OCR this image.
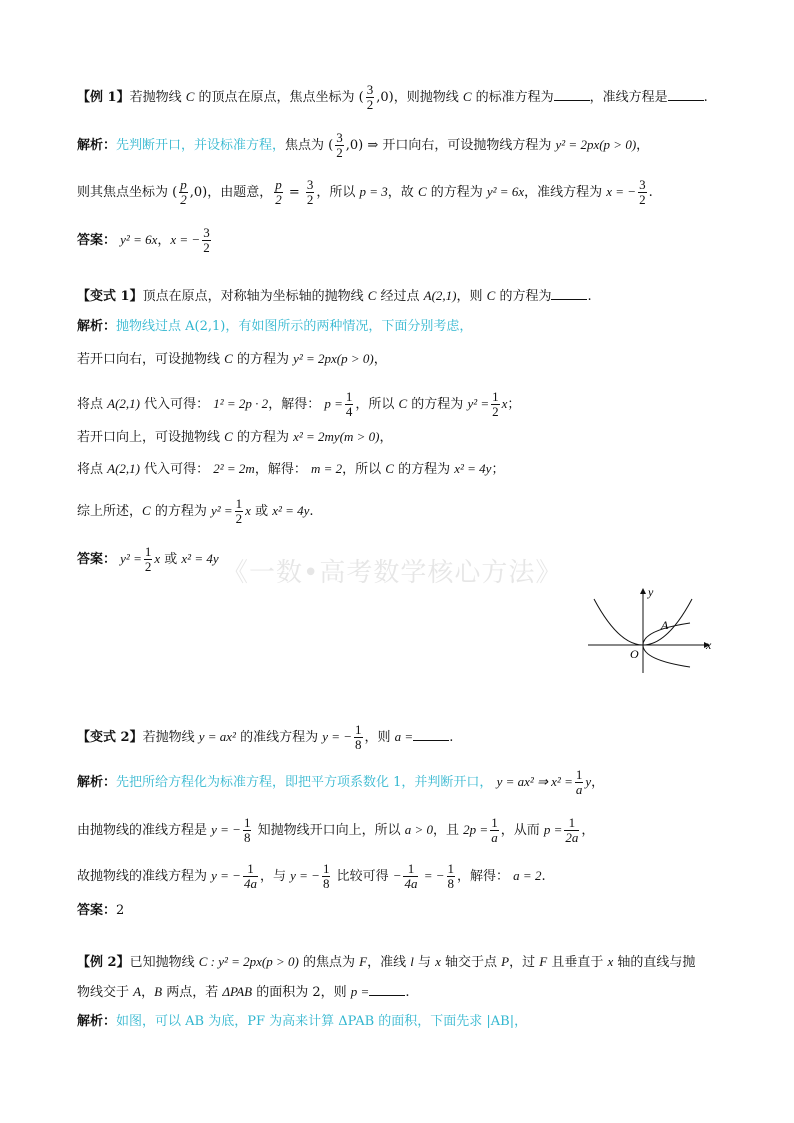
【例 1】若抛物线 C 的顶点在原点，焦点坐标为 ( $\frac{3}{2} ,0$)，则抛物线 C 的标准方程为	，准线方程是	.
解析：先判断开口，并设标准方程，焦点为 ( $\frac{3}{2} ,0$) ⇒ 开口向右，可设抛物线方程为 y² = 2px(p > 0)，
则其焦点坐标为 ( $\frac{p}{2} ,0$)，由题意， $\frac{p}{2} = \frac{3}{2}$ ，所以 p = 3，故 C 的方程为 y² = 6x，准线方程为 x = − $\frac{3}{2}$ .
答案： y² = 6x，x = − $\frac{3}{2}$
【变式 1】顶点在原点，对称轴为坐标轴的抛物线 C 经过点 A(2,1)，则 C 的方程为	.
解析：抛物线过点 A(2,1)，有如图所示的两种情况，下面分别考虑，
若开口向右，可设抛物线 C 的方程为 y² = 2px(p > 0)，
将点 A(2,1) 代入可得： 1² = 2p · 2，解得： $p = \frac{1}{4}$ ，所以 C 的方程为 $y^2 = \frac{1}{2}$ x；
若开口向上，可设抛物线 C 的方程为 x² = 2my(m > 0)，
将点 A(2,1) 代入可得： 2² = 2m，解得： m = 2，所以 C 的方程为 x² = 4y；
综上所述，C 的方程为 $y^2 = \frac{1}{2}$ x 或 x² = 4y.
答案： $y^2 = \frac{1}{2}$ x 或 x² = 4y 《一数•高考数学核心方法》
y
x
O
A
【变式 2】若抛物线 y = ax² 的准线方程为 y = − $\frac{1}{8}$ ，则 a =	.
解析：先把所给方程化为标准方程，即把平方项系数化 1，并判断开口， y = ax² ⇒ $x^2 = \frac{1}{a}$ y，
由抛物线的准线方程是 y = − $\frac{1}{8}$ 知抛物线开口向上，所以 a > 0，且 $2p = \frac{1}{a}$ ，从而 $p = \frac{1}{2a}$ ，
故抛物线的准线方程为 y = − $\frac{1}{4a}$ ，与 y = − $\frac{1}{8}$ 比较可得 − $\frac{1}{4a}$ = − $\frac{1}{8}$ ，解得： a = 2.
答案：2
【例 2】已知抛物线 C : y² = 2px(p > 0) 的焦点为 F，准线 l 与 x 轴交于点 P，过 F 且垂直于 x 轴的直线与抛
物线交于 A，B 两点，若 ΔPAB 的面积为 2，则 p =	.
解析：如图，可以 AB 为底，PF 为高来计算 ΔPAB 的面积，下面先求 |AB|，
